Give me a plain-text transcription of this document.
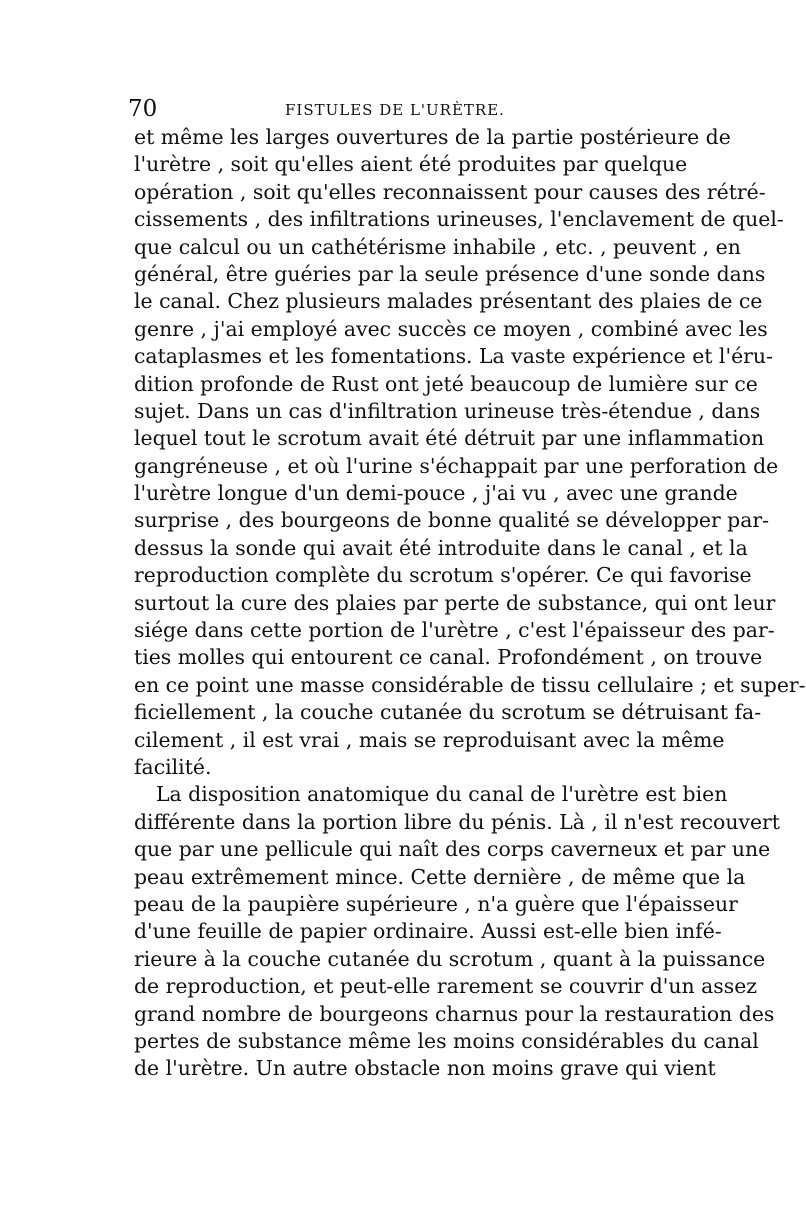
70	FISTULES DE L'URÈTRE.
et même les larges ouvertures de la partie postérieure de
l'urètre , soit qu'elles aient été produites par quelque
opération , soit qu'elles reconnaissent pour causes des rétré-
cissements , des infiltrations urineuses, l'enclavement de quel-
que calcul ou un cathétérisme inhabile , etc. , peuvent , en
général, être guéries par la seule présence d'une sonde dans
le canal. Chez plusieurs malades présentant des plaies de ce
genre , j'ai employé avec succès ce moyen , combiné avec les
cataplasmes et les fomentations. La vaste expérience et l'éru-
dition profonde de Rust ont jeté beaucoup de lumière sur ce
sujet. Dans un cas d'infiltration urineuse très-étendue , dans
lequel tout le scrotum avait été détruit par une inflammation
gangréneuse , et où l'urine s'échappait par une perforation de
l'urètre longue d'un demi-pouce , j'ai vu , avec une grande
surprise , des bourgeons de bonne qualité se développer par-
dessus la sonde qui avait été introduite dans le canal , et la
reproduction complète du scrotum s'opérer. Ce qui favorise
surtout la cure des plaies par perte de substance, qui ont leur
siége dans cette portion de l'urètre , c'est l'épaisseur des par-
ties molles qui entourent ce canal. Profondément , on trouve
en ce point une masse considérable de tissu cellulaire ; et super-
ficiellement , la couche cutanée du scrotum se détruisant fa-
cilement , il est vrai , mais se reproduisant avec la même
facilité.
La disposition anatomique du canal de l'urètre est bien
différente dans la portion libre du pénis. Là , il n'est recouvert
que par une pellicule qui naît des corps caverneux et par une
peau extrêmement mince. Cette dernière , de même que la
peau de la paupière supérieure , n'a guère que l'épaisseur
d'une feuille de papier ordinaire. Aussi est-elle bien infé-
rieure à la couche cutanée du scrotum , quant à la puissance
de reproduction, et peut-elle rarement se couvrir d'un assez
grand nombre de bourgeons charnus pour la restauration des
pertes de substance même les moins considérables du canal
de l'urètre. Un autre obstacle non moins grave qui vient
